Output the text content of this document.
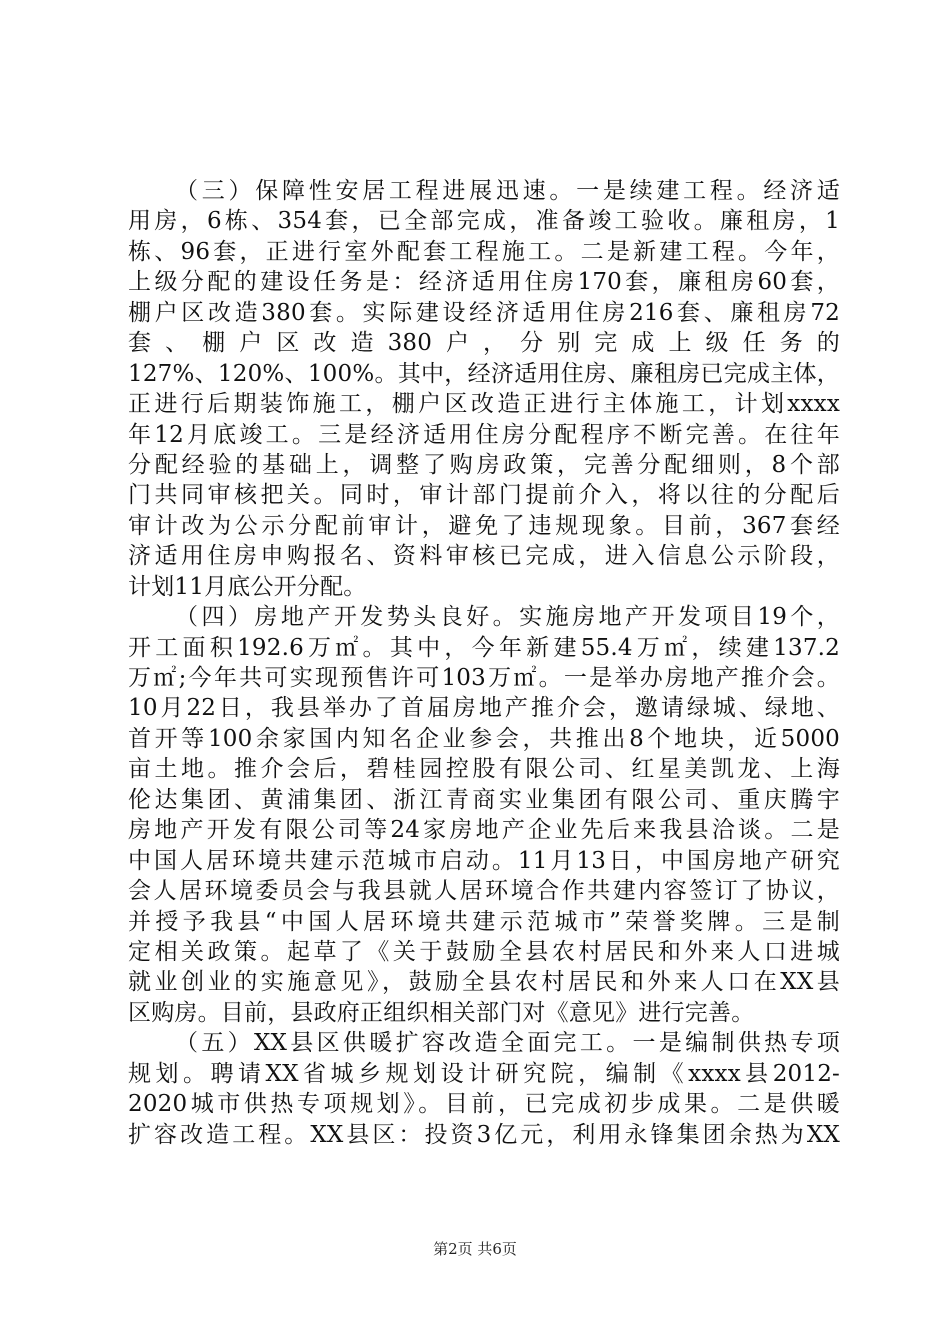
（三）保障性安居工程进展迅速。一是续建工程。经济适
用房，6栋、354套，已全部完成，准备竣工验收。廉租房，1
栋、96套，正进行室外配套工程施工。二是新建工程。今年，
上级分配的建设任务是：经济适用住房170套，廉租房60套，
棚户区改造380套。实际建设经济适用住房216套、廉租房72
套、棚户区改造380户，分别完成上级任务的
127%、120%、100%。其中，经济适用住房、廉租房已完成主体，
正进行后期装饰施工，棚户区改造正进行主体施工，计划xxxx
年12月底竣工。三是经济适用住房分配程序不断完善。在往年
分配经验的基础上，调整了购房政策，完善分配细则，8个部
门共同审核把关。同时，审计部门提前介入，将以往的分配后
审计改为公示分配前审计，避免了违规现象。目前，367套经
济适用住房申购报名、资料审核已完成，进入信息公示阶段，
计划11月底公开分配。
（四）房地产开发势头良好。实施房地产开发项目19个，
开工面积192.6万㎡。其中，今年新建55.4万㎡，续建137.2
万㎡;今年共可实现预售许可103万㎡。一是举办房地产推介会。
10月22日，我县举办了首届房地产推介会，邀请绿城、绿地、
首开等100余家国内知名企业参会，共推出8个地块，近5000
亩土地。推介会后，碧桂园控股有限公司、红星美凯龙、上海
伦达集团、黄浦集团、浙江青商实业集团有限公司、重庆腾宇
房地产开发有限公司等24家房地产企业先后来我县洽谈。二是
中国人居环境共建示范城市启动。11月13日，中国房地产研究
会人居环境委员会与我县就人居环境合作共建内容签订了协议，
并授予我县“中国人居环境共建示范城市”荣誉奖牌。三是制
定相关政策。起草了《关于鼓励全县农村居民和外来人口进城
就业创业的实施意见》，鼓励全县农村居民和外来人口在XX县
区购房。目前，县政府正组织相关部门对《意见》进行完善。
（五）XX县区供暖扩容改造全面完工。一是编制供热专项
规划。聘请XX省城乡规划设计研究院，编制《xxxx县2012-
2020城市供热专项规划》。目前，已完成初步成果。二是供暖
扩容改造工程。XX县区：投资3亿元，利用永锋集团余热为XX
第2页 共6页
